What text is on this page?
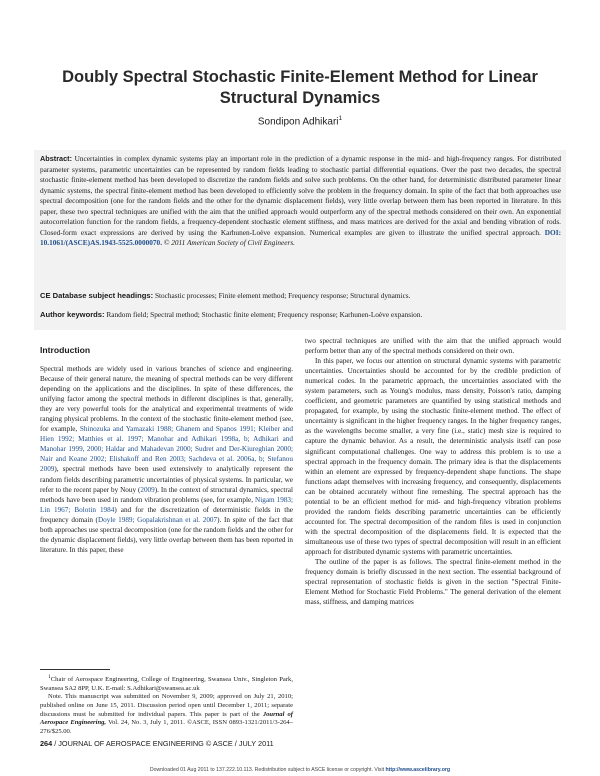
Doubly Spectral Stochastic Finite-Element Method for Linear Structural Dynamics
Sondipon Adhikari$^1$
Abstract: Uncertainties in complex dynamic systems play an important role in the prediction of a dynamic response in the mid- and high-frequency ranges. For distributed parameter systems, parametric uncertainties can be represented by random fields leading to stochastic partial differential equations. Over the past two decades, the spectral stochastic finite-element method has been developed to discretize the random fields and solve such problems. On the other hand, for deterministic distributed parameter linear dynamic systems, the spectral finite-element method has been developed to efficiently solve the problem in the frequency domain. In spite of the fact that both approaches use spectral decomposition (one for the random fields and the other for the dynamic displacement fields), very little overlap between them has been reported in literature. In this paper, these two spectral techniques are unified with the aim that the unified approach would outperform any of the spectral methods considered on their own. An exponential autocorrelation function for the random fields, a frequency-dependent stochastic element stiffness, and mass matrices are derived for the axial and bending vibration of rods. Closed-form exact expressions are derived by using the Karhunen-Loève expansion. Numerical examples are given to illustrate the unified spectral approach. DOI: 10.1061/(ASCE)AS.1943-5525.0000070. © 2011 American Society of Civil Engineers.
CE Database subject headings: Stochastic processes; Finite element method; Frequency response; Structural dynamics.
Author keywords: Random field; Spectral method; Stochastic finite element; Frequency response; Karhunen-Loève expansion.
Introduction

Spectral methods are widely used in various branches of science and engineering. Because of their general nature, the meaning of spectral methods can be very different depending on the applications and the disciplines. In spite of these differences, the unifying factor among the spectral methods in different disciplines is that, generally, they are very powerful tools for the analytical and experimental treatments of wide ranging physical problems. In the context of the stochastic finite-element method (see, for example, Shinozuka and Yamazaki 1988; Ghanem and Spanos 1991; Kleiber and Hien 1992; Matthies et al. 1997; Manohar and Adhikari 1998a, b; Adhikari and Manohar 1999, 2000; Haldar and Mahadevan 2000; Sudret and Der-Kiureghian 2000; Nair and Keane 2002; Elishakoff and Ren 2003; Sachdeva et al. 2006a, b; Stefanou 2009), spectral methods have been used extensively to analytically represent the random fields describing parametric uncertainties of physical systems. In particular, we refer to the recent paper by Nouy (2009). In the context of structural dynamics, spectral methods have been used in random vibration problems (see, for example, Nigam 1983; Lin 1967; Bolotin 1984) and for the discretization of deterministic fields in the frequency domain (Doyle 1989; Gopalakrishnan et al. 2007). In spite of the fact that both approaches use spectral decomposition (one for the random fields and the other for the dynamic displacement fields), very little overlap between them has been reported in literature. In this paper, these

$^1$Chair of Aerospace Engineering, College of Engineering, Swansea Univ., Singleton Park, Swansea SA2 8PP, U.K. E-mail: S.Adhikari@swansea.ac.uk

Note. This manuscript was submitted on November 9, 2009; approved on July 21, 2010; published online on June 15, 2011. Discussion period open until December 1, 2011; separate discussions must be submitted for individual papers. This paper is part of the Journal of Aerospace Engineering, Vol. 24, No. 3, July 1, 2011. ©ASCE, ISSN 0893-1321/2011/3-264–276/$25.00.

two spectral techniques are unified with the aim that the unified approach would perform better than any of the spectral methods considered on their own.

In this paper, we focus our attention on structural dynamic systems with parametric uncertainties. Uncertainties should be accounted for by the credible prediction of numerical codes. In the parametric approach, the uncertainties associated with the system parameters, such as Young's modulus, mass density, Poisson's ratio, damping coefficient, and geometric parameters are quantified by using statistical methods and propagated, for example, by using the stochastic finite-element method. The effect of uncertainty is significant in the higher frequency ranges. In the higher frequency ranges, as the wavelengths become smaller, a very fine (i.e., static) mesh size is required to capture the dynamic behavior. As a result, the deterministic analysis itself can pose significant computational challenges. One way to address this problem is to use a spectral approach in the frequency domain. The primary idea is that the displacements within an element are expressed by frequency-dependent shape functions. The shape functions adapt themselves with increasing frequency, and consequently, displacements can be obtained accurately without fine remeshing. The spectral approach has the potential to be an efficient method for mid- and high-frequency vibration problems provided the random fields describing parametric uncertainties can be efficiently accounted for. The spectral decomposition of the random files is used in conjunction with the spectral decomposition of the displacements field. It is expected that the simultaneous use of these two types of spectral decomposition will result in an efficient approach for distributed dynamic systems with parametric uncertainties.

The outline of the paper is as follows. The spectral finite-element method in the frequency domain is briefly discussed in the next section. The essential background of spectral representation of stochastic fields is given in the section "Spectral Finite-Element Method for Stochastic Field Problems." The general derivation of the element mass, stiffness, and damping matrices

264 / JOURNAL OF AEROSPACE ENGINEERING © ASCE / JULY 2011
Downloaded 01 Aug 2011 to 137.222.10.113. Redistribution subject to ASCE license or copyright. Visit http://www.ascelibrary.org
